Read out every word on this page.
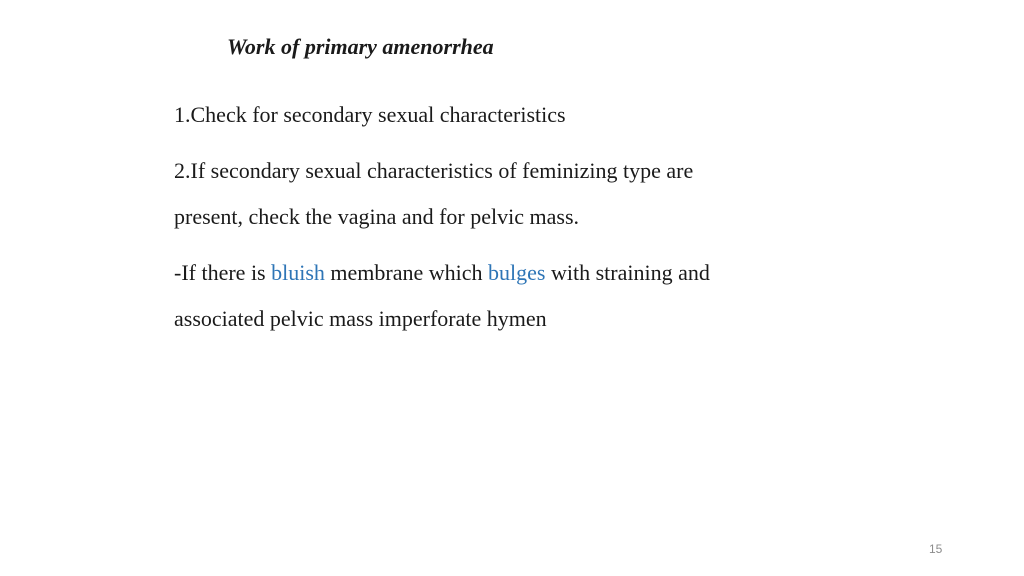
Work of primary amenorrhea

1.Check for secondary sexual characteristics

2.If secondary sexual characteristics of feminizing type are
present, check the vagina and for pelvic mass.

-If there is bluish membrane which bulges with straining and
associated pelvic mass imperforate hymen

15
